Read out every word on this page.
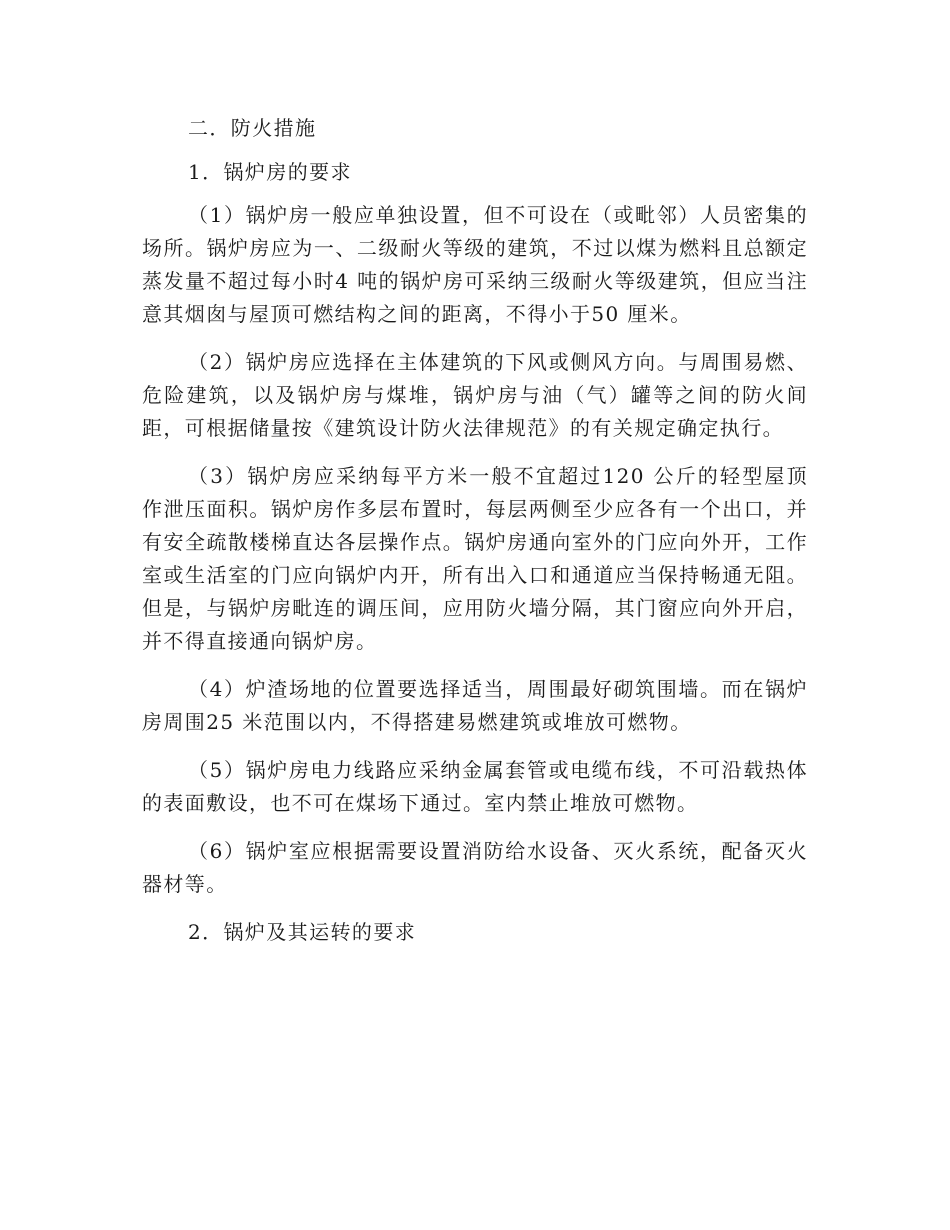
二．防火措施

1．锅炉房的要求

（1）锅炉房一般应单独设置，但不可设在（或毗邻）人员密集的场所。锅炉房应为一、二级耐火等级的建筑，不过以煤为燃料且总额定蒸发量不超过每小时4 吨的锅炉房可采纳三级耐火等级建筑，但应当注意其烟囱与屋顶可燃结构之间的距离，不得小于50 厘米。

（2）锅炉房应选择在主体建筑的下风或侧风方向。与周围易燃、危险建筑，以及锅炉房与煤堆，锅炉房与油（气）罐等之间的防火间距，可根据储量按《建筑设计防火法律规范》的有关规定确定执行。

（3）锅炉房应采纳每平方米一般不宜超过120 公斤的轻型屋顶作泄压面积。锅炉房作多层布置时，每层两侧至少应各有一个出口，并有安全疏散楼梯直达各层操作点。锅炉房通向室外的门应向外开，工作室或生活室的门应向锅炉内开，所有出入口和通道应当保持畅通无阻。但是，与锅炉房毗连的调压间，应用防火墙分隔，其门窗应向外开启，并不得直接通向锅炉房。

（4）炉渣场地的位置要选择适当，周围最好砌筑围墙。而在锅炉房周围25 米范围以内，不得搭建易燃建筑或堆放可燃物。

（5）锅炉房电力线路应采纳金属套管或电缆布线，不可沿载热体的表面敷设，也不可在煤场下通过。室内禁止堆放可燃物。

（6）锅炉室应根据需要设置消防给水设备、灭火系统，配备灭火器材等。

2．锅炉及其运转的要求
